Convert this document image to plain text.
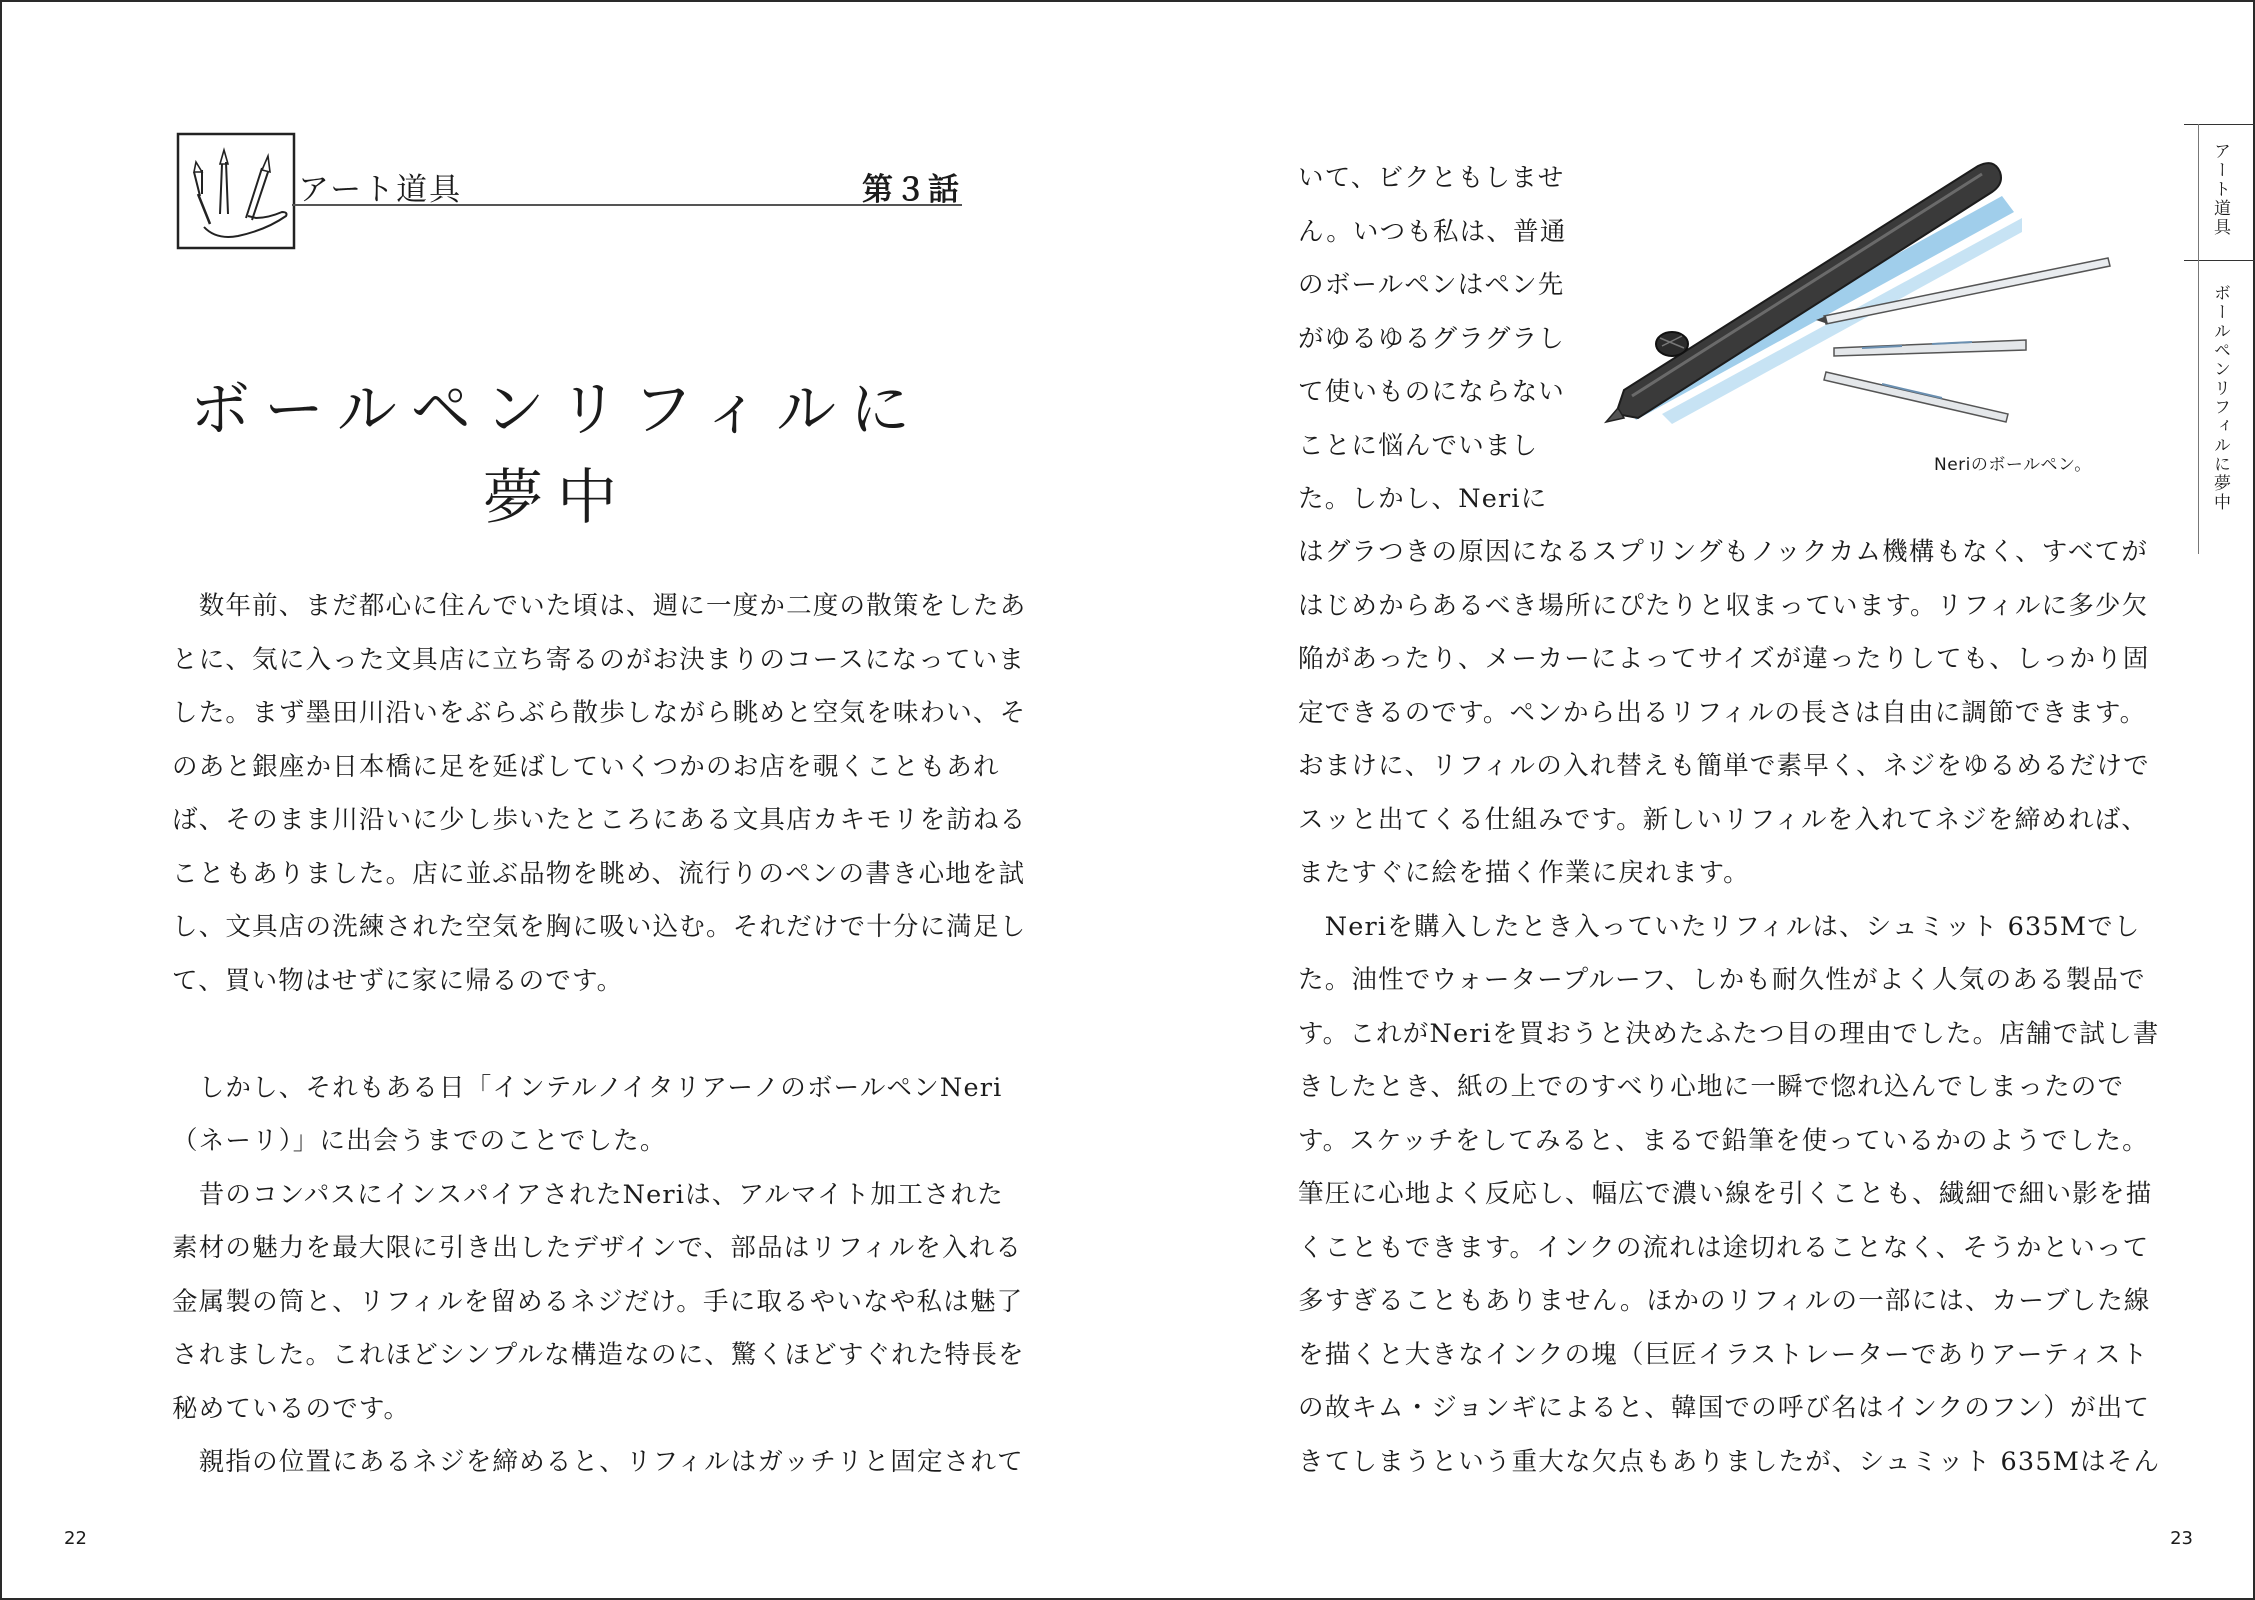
アート道具	第３話
ボールペンリフィルに
夢中

　数年前、まだ都心に住んでいた頃は、週に一度か二度の散策をしたあ

とに、気に入った文具店に立ち寄るのがお決まりのコースになっていま

した。まず墨田川沿いをぶらぶら散歩しながら眺めと空気を味わい、そ

のあと銀座か日本橋に足を延ばしていくつかのお店を覗くこともあれ

ば、そのまま川沿いに少し歩いたところにある文具店カキモリを訪ねる

こともありました。店に並ぶ品物を眺め、流行りのペンの書き心地を試

し、文具店の洗練された空気を胸に吸い込む。それだけで十分に満足し

て、買い物はせずに家に帰るのです。

　しかし、それもある日「インテルノイタリアーノのボールペンNeri

（ネーリ）」に出会うまでのことでした。

　昔のコンパスにインスパイアされたNeriは、アルマイト加工された

素材の魅力を最大限に引き出したデザインで、部品はリフィルを入れる

金属製の筒と、リフィルを留めるネジだけ。手に取るやいなや私は魅了

されました。これほどシンプルな構造なのに、驚くほどすぐれた特長を

秘めているのです。

　親指の位置にあるネジを締めると、リフィルはガッチリと固定されて

22

いて、ビクともしませ

ん。いつも私は、普通

のボールペンはペン先

がゆるゆるグラグラし

て使いものにならない

ことに悩んでいまし

た。しかし、Neriに

Neriのボールペン。

はグラつきの原因になるスプリングもノックカム機構もなく、すべてが

はじめからあるべき場所にぴたりと収まっています。リフィルに多少欠

陥があったり、メーカーによってサイズが違ったりしても、しっかり固

定できるのです。ペンから出るリフィルの長さは自由に調節できます。

おまけに、リフィルの入れ替えも簡単で素早く、ネジをゆるめるだけで

スッと出てくる仕組みです。新しいリフィルを入れてネジを締めれば、

またすぐに絵を描く作業に戻れます。

　Neriを購入したとき入っていたリフィルは、シュミット 635Mでし

た。油性でウォータープルーフ、しかも耐久性がよく人気のある製品で

す。これがNeriを買おうと決めたふたつ目の理由でした。店舗で試し書

きしたとき、紙の上でのすべり心地に一瞬で惚れ込んでしまったので

す。スケッチをしてみると、まるで鉛筆を使っているかのようでした。

筆圧に心地よく反応し、幅広で濃い線を引くことも、繊細で細い影を描

くこともできます。インクの流れは途切れることなく、そうかといって

多すぎることもありません。ほかのリフィルの一部には、カーブした線

を描くと大きなインクの塊（巨匠イラストレーターでありアーティスト

の故キム・ジョンギによると、韓国での呼び名はインクのフン）が出て

きてしまうという重大な欠点もありましたが、シュミット 635Mはそん

23
アート道具
ボールペンリフィルに夢中
